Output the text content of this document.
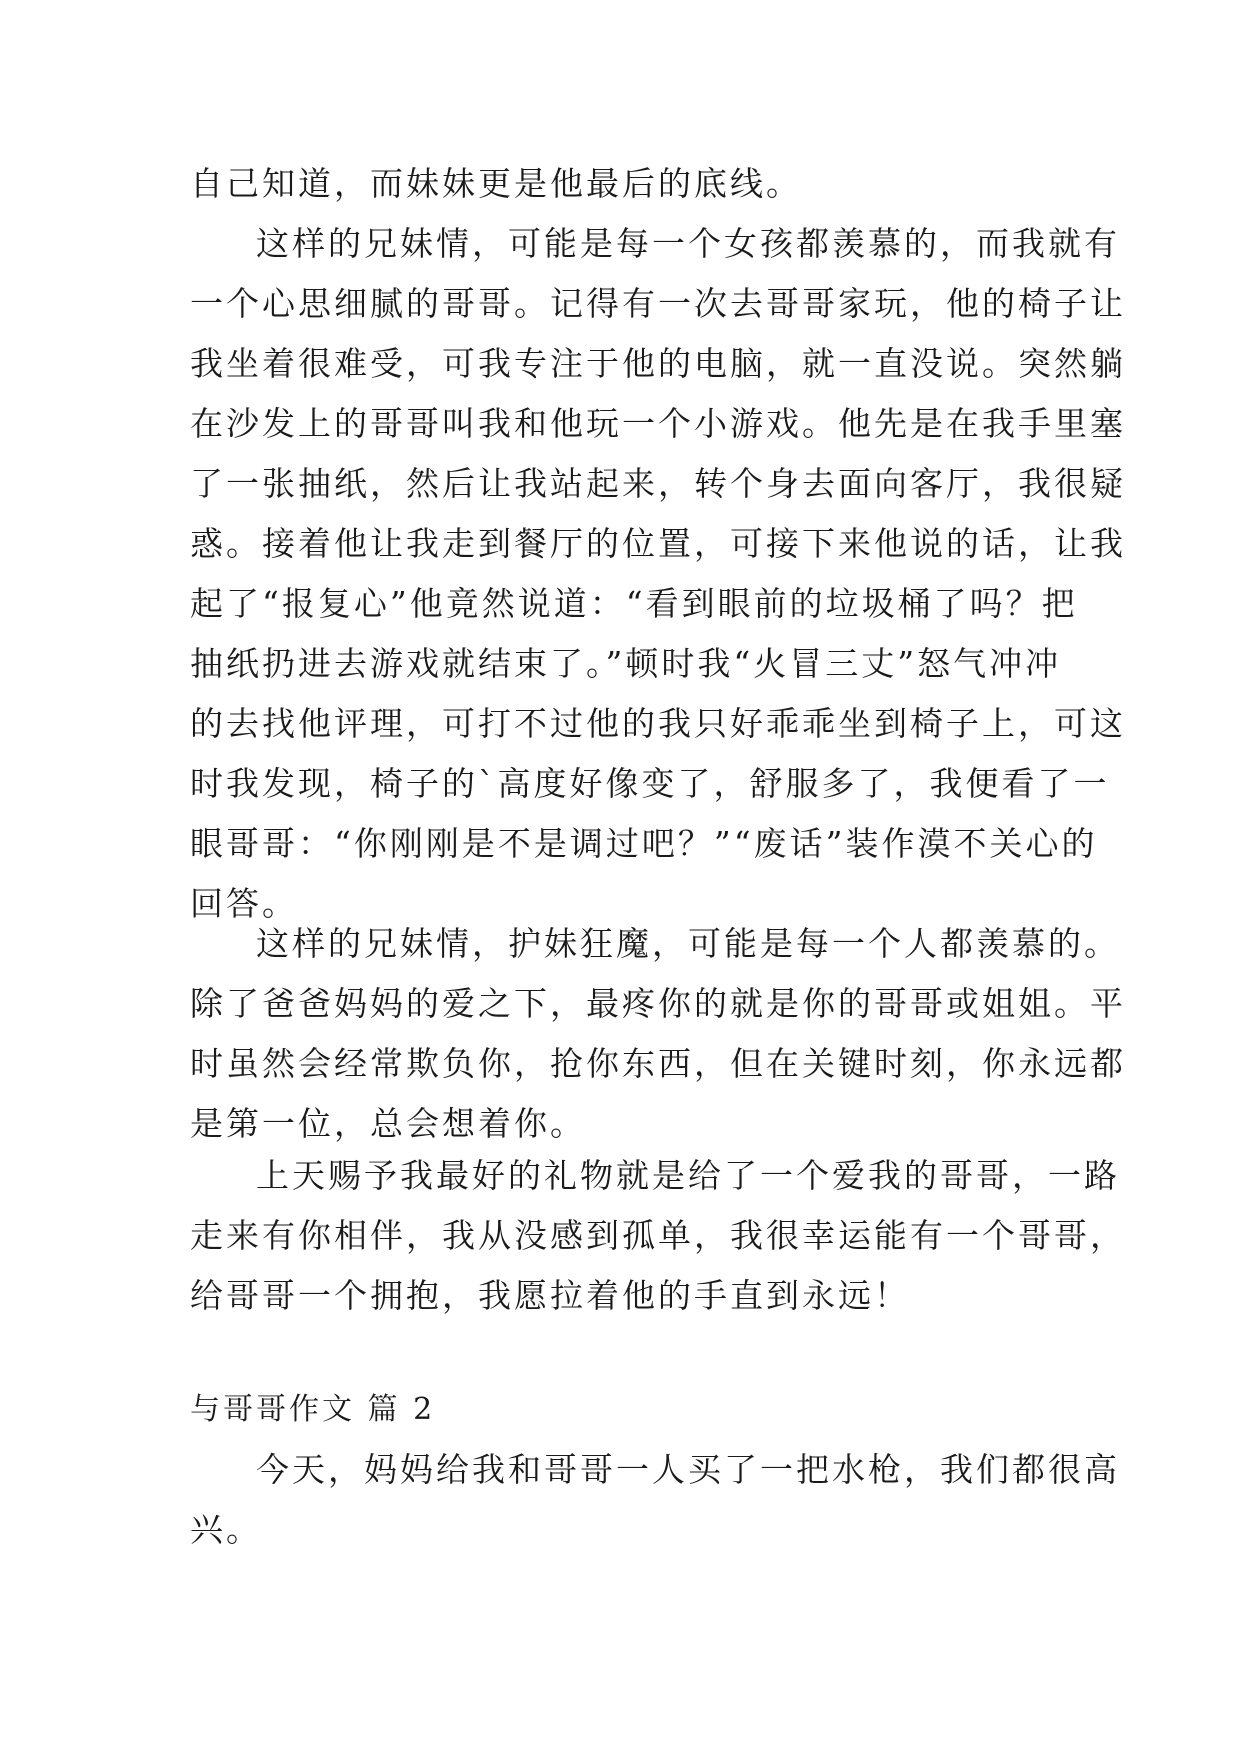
自己知道，而妹妹更是他最后的底线。
这样的兄妹情，可能是每一个女孩都羡慕的，而我就有
一个心思细腻的哥哥。记得有一次去哥哥家玩，他的椅子让
我坐着很难受，可我专注于他的电脑，就一直没说。突然躺
在沙发上的哥哥叫我和他玩一个小游戏。他先是在我手里塞
了一张抽纸，然后让我站起来，转个身去面向客厅，我很疑
惑。接着他让我走到餐厅的位置，可接下来他说的话，让我
起了“报复心”他竟然说道：“看到眼前的垃圾桶了吗？把
抽纸扔进去游戏就结束了。”顿时我“火冒三丈”怒气冲冲
的去找他评理，可打不过他的我只好乖乖坐到椅子上，可这
时我发现，椅子的`高度好像变了，舒服多了，我便看了一
眼哥哥：“你刚刚是不是调过吧？”“废话”装作漠不关心的
回答。
这样的兄妹情，护妹狂魔，可能是每一个人都羡慕的。
除了爸爸妈妈的爱之下，最疼你的就是你的哥哥或姐姐。平
时虽然会经常欺负你，抢你东西，但在关键时刻，你永远都
是第一位，总会想着你。
上天赐予我最好的礼物就是给了一个爱我的哥哥，一路
走来有你相伴，我从没感到孤单，我很幸运能有一个哥哥，
给哥哥一个拥抱，我愿拉着他的手直到永远！
与哥哥作文 篇 2
今天，妈妈给我和哥哥一人买了一把水枪，我们都很高
兴。
